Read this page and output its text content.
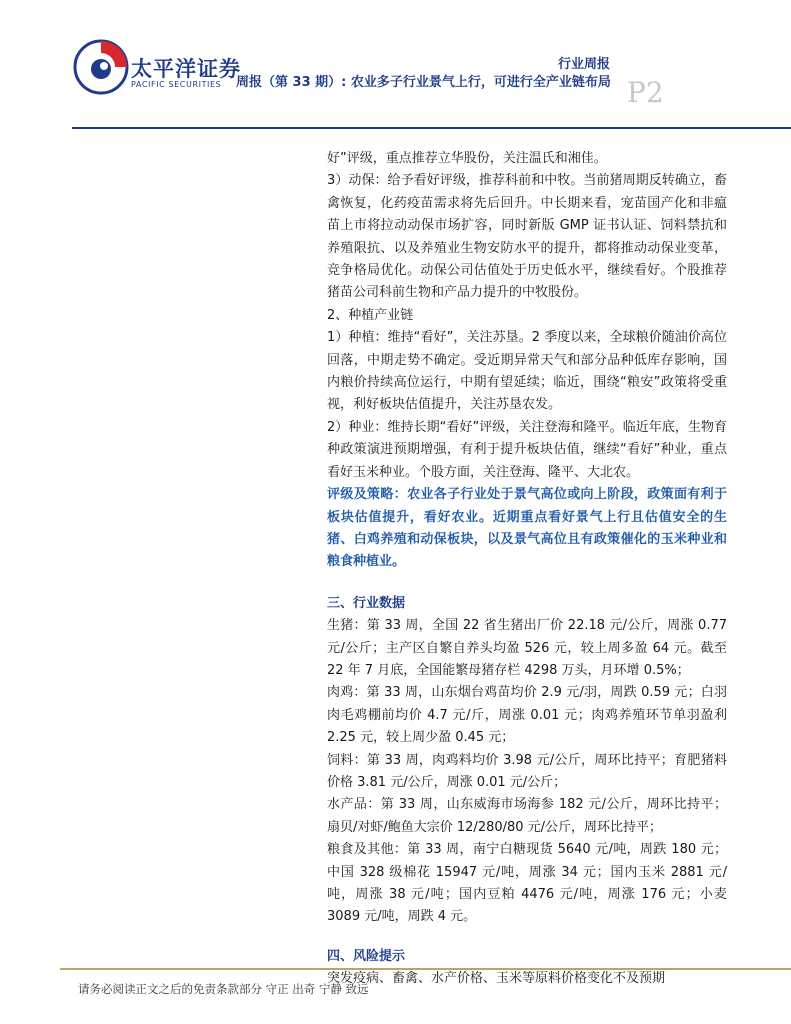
太平洋证券
PACIFIC SECURITIES 周报（第 33 期）: 农业多子行业景气上行，可进行全产业链布局
行业周报
P2

好”评级，重点推荐立华股份，关注温氏和湘佳。

3）动保：给予看好评级，推荐科前和中牧。当前猪周期反转确立，畜禽恢复，化药疫苗需求将先后回升。中长期来看，宠苗国产化和非瘟苗上市将拉动动保市场扩容，同时新版 GMP 证书认证、饲料禁抗和养殖限抗、以及养殖业生物安防水平的提升，都将推动动保业变革，竞争格局优化。动保公司估值处于历史低水平，继续看好。个股推荐猪苗公司科前生物和产品力提升的中牧股份。

2、种植产业链

1）种植：维持“看好”，关注苏垦。2 季度以来，全球粮价随油价高位回落，中期走势不确定。受近期异常天气和部分品种低库存影响，国内粮价持续高位运行，中期有望延续；临近，围绕“粮安”政策将受重视，利好板块估值提升，关注苏垦农发。

2）种业：维持长期“看好”评级，关注登海和隆平。临近年底，生物育种政策演进预期增强，有利于提升板块估值，继续“看好”种业，重点看好玉米种业。个股方面，关注登海、隆平、大北农。

评级及策略：农业各子行业处于景气高位或向上阶段，政策面有利于板块估值提升，看好农业。近期重点看好景气上行且估值安全的生猪、白鸡养殖和动保板块，以及景气高位且有政策催化的玉米种业和粮食种植业。

三、行业数据

生猪：第 33 周，全国 22 省生猪出厂价 22.18 元/公斤，周涨 0.77 元/公斤；主产区自繁自养头均盈 526 元，较上周多盈 64 元。截至 22 年 7 月底，全国能繁母猪存栏 4298 万头，月环增 0.5%；

肉鸡：第 33 周，山东烟台鸡苗均价 2.9 元/羽，周跌 0.59 元；白羽肉毛鸡棚前均价 4.7 元/斤，周涨 0.01 元；肉鸡养殖环节单羽盈利 2.25 元，较上周少盈 0.45 元；

饲料：第 33 周，肉鸡料均价 3.98 元/公斤，周环比持平；育肥猪料价格 3.81 元/公斤，周涨 0.01 元/公斤；

水产品：第 33 周，山东威海市场海参 182 元/公斤，周环比持平；扇贝/对虾/鲍鱼大宗价 12/280/80 元/公斤，周环比持平；

粮食及其他：第 33 周，南宁白糖现货 5640 元/吨，周跌 180 元；中国 328 级棉花 15947 元/吨，周涨 34 元；国内玉米 2881 元/吨，周涨 38 元/吨；国内豆粕 4476 元/吨，周涨 176 元；小麦 3089 元/吨，周跌 4 元。

四、风险提示

突发疫病、畜禽、水产价格、玉米等原料价格变化不及预期

请务必阅读正文之后的免责条款部分 守正 出奇 宁静 致远
